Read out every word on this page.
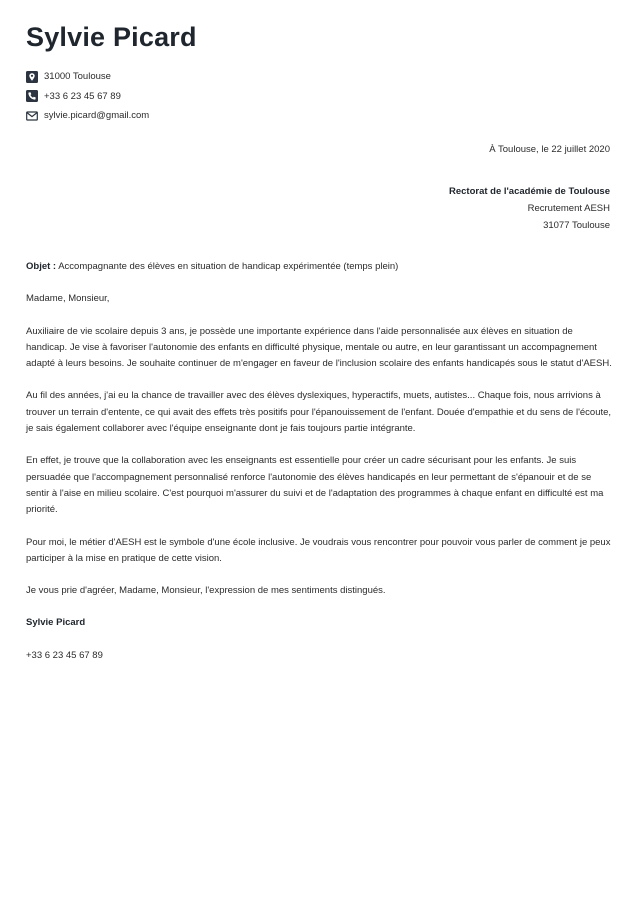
Sylvie Picard
31000 Toulouse
+33 6 23 45 67 89
sylvie.picard@gmail.com
À Toulouse, le 22 juillet 2020
Rectorat de l'académie de Toulouse
Recrutement AESH
31077 Toulouse

Objet : Accompagnante des élèves en situation de handicap expérimentée (temps plein)

Madame, Monsieur,

Auxiliaire de vie scolaire depuis 3 ans, je possède une importante expérience dans l'aide personnalisée aux élèves en situation de handicap. Je vise à favoriser l'autonomie des enfants en difficulté physique, mentale ou autre, en leur garantissant un accompagnement adapté à leurs besoins. Je souhaite continuer de m'engager en faveur de l'inclusion scolaire des enfants handicapés sous le statut d'AESH.

Au fil des années, j'ai eu la chance de travailler avec des élèves dyslexiques, hyperactifs, muets, autistes... Chaque fois, nous arrivions à trouver un terrain d'entente, ce qui avait des effets très positifs pour l'épanouissement de l'enfant. Douée d'empathie et du sens de l'écoute, je sais également collaborer avec l'équipe enseignante dont je fais toujours partie intégrante.

En effet, je trouve que la collaboration avec les enseignants est essentielle pour créer un cadre sécurisant pour les enfants. Je suis persuadée que l'accompagnement personnalisé renforce l'autonomie des élèves handicapés en leur permettant de s'épanouir et de se sentir à l'aise en milieu scolaire. C'est pourquoi m'assurer du suivi et de l'adaptation des programmes à chaque enfant en difficulté est ma priorité.

Pour moi, le métier d'AESH est le symbole d'une école inclusive. Je voudrais vous rencontrer pour pouvoir vous parler de comment je peux participer à la mise en pratique de cette vision.

Je vous prie d'agréer, Madame, Monsieur, l'expression de mes sentiments distingués.

Sylvie Picard

+33 6 23 45 67 89
